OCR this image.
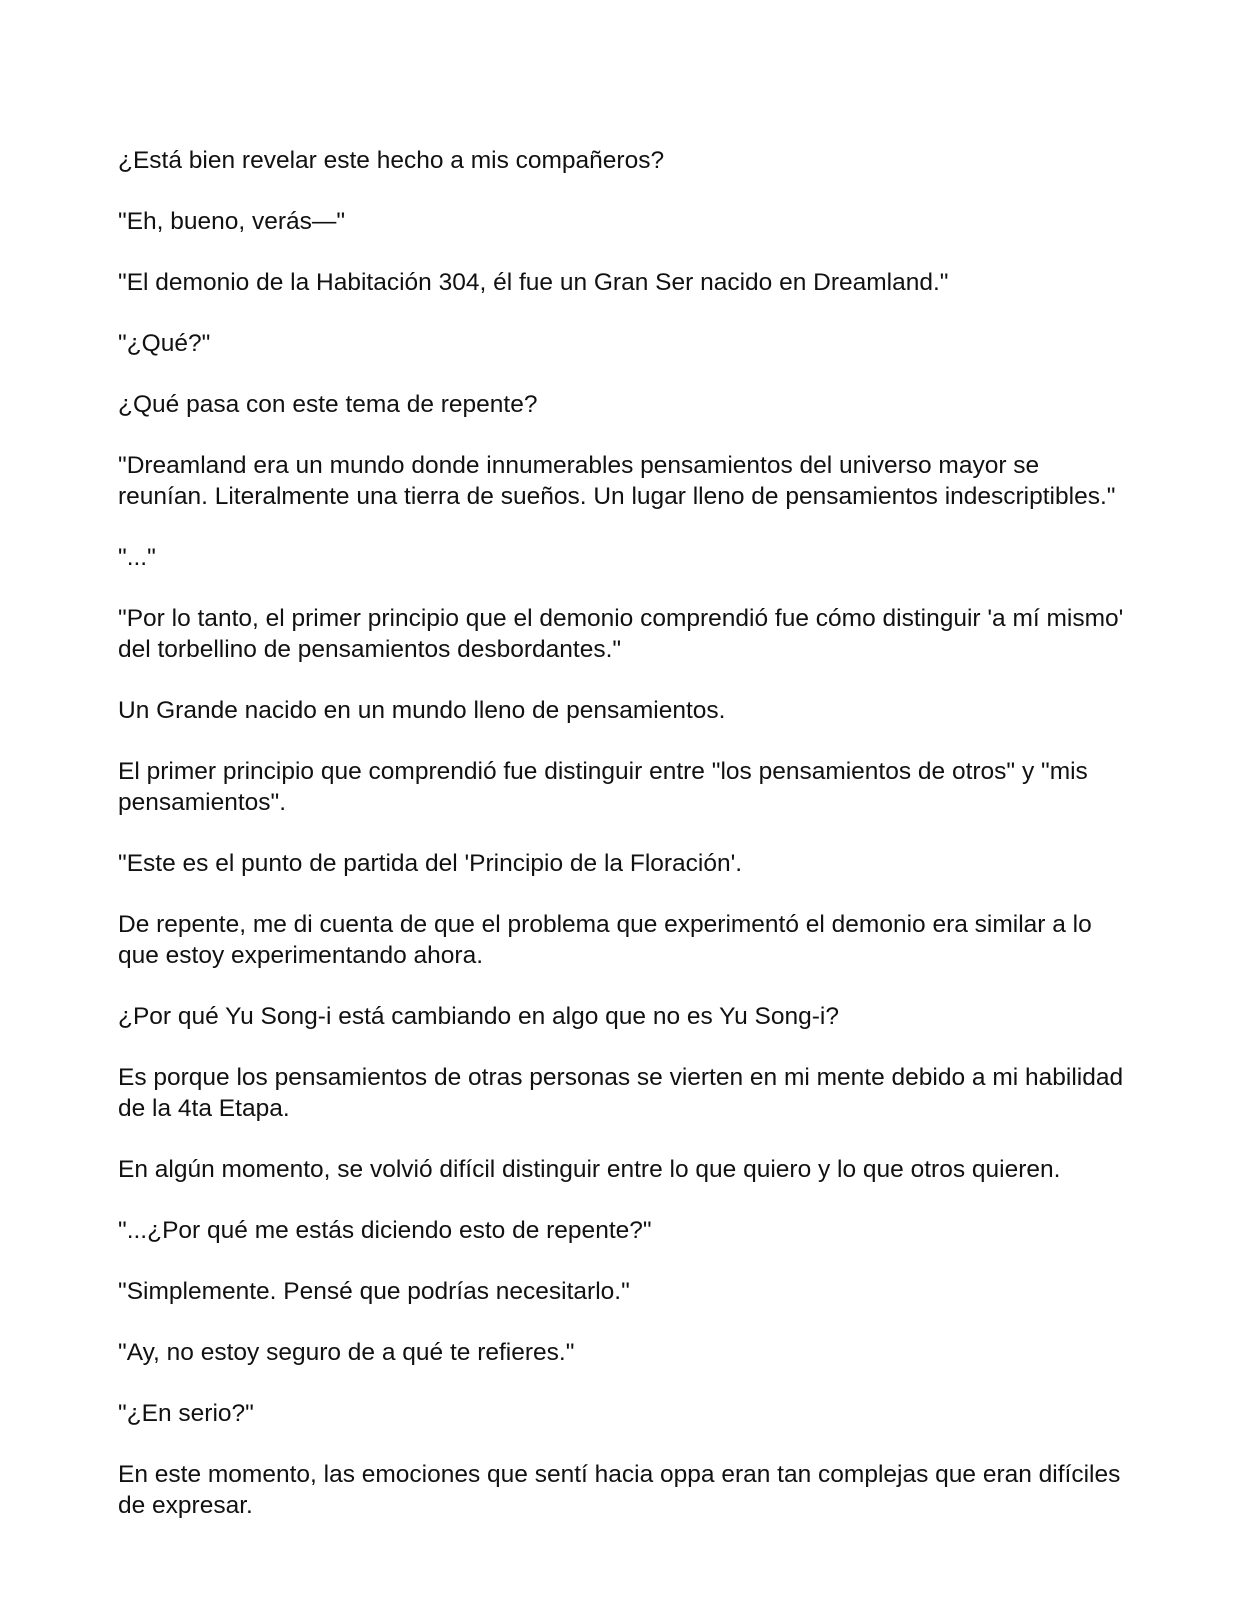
¿Está bien revelar este hecho a mis compañeros?

"Eh, bueno, verás—"

"El demonio de la Habitación 304, él fue un Gran Ser nacido en Dreamland."

"¿Qué?"

¿Qué pasa con este tema de repente?

"Dreamland era un mundo donde innumerables pensamientos del universo mayor se reunían. Literalmente una tierra de sueños. Un lugar lleno de pensamientos indescriptibles."

"..."

"Por lo tanto, el primer principio que el demonio comprendió fue cómo distinguir 'a mí mismo' del torbellino de pensamientos desbordantes."

Un Grande nacido en un mundo lleno de pensamientos.

El primer principio que comprendió fue distinguir entre "los pensamientos de otros" y "mis pensamientos".

"Este es el punto de partida del 'Principio de la Floración'.

De repente, me di cuenta de que el problema que experimentó el demonio era similar a lo que estoy experimentando ahora.

¿Por qué Yu Song-i está cambiando en algo que no es Yu Song-i?

Es porque los pensamientos de otras personas se vierten en mi mente debido a mi habilidad de la 4ta Etapa.

En algún momento, se volvió difícil distinguir entre lo que quiero y lo que otros quieren.

"...¿Por qué me estás diciendo esto de repente?"

"Simplemente. Pensé que podrías necesitarlo."

"Ay, no estoy seguro de a qué te refieres."

"¿En serio?"

En este momento, las emociones que sentí hacia oppa eran tan complejas que eran difíciles de expresar.
